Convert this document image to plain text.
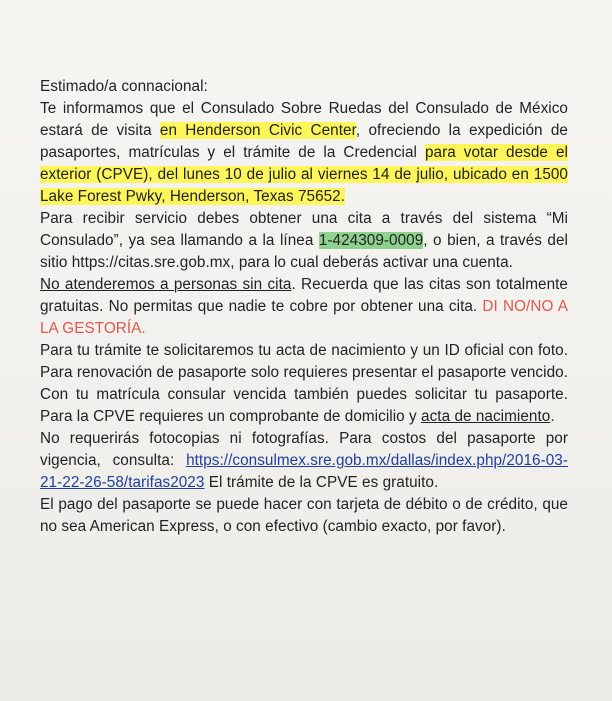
Estimado/a connacional:

Te informamos que el Consulado Sobre Ruedas del Consulado de México estará de visita en Henderson Civic Center, ofreciendo la expedición de pasaportes, matrículas y el trámite de la Credencial para votar desde el exterior (CPVE), del lunes 10 de julio al viernes 14 de julio, ubicado en 1500 Lake Forest Pwky, Henderson, Texas 75652.

Para recibir servicio debes obtener una cita a través del sistema “Mi Consulado”, ya sea llamando a la línea 1-424309-0009, o bien, a través del sitio https://citas.sre.gob.mx, para lo cual deberás activar una cuenta.

No atenderemos a personas sin cita. Recuerda que las citas son totalmente gratuitas. No permitas que nadie te cobre por obtener una cita. DI NO/NO A LA GESTORÍA.

Para tu trámite te solicitaremos tu acta de nacimiento y un ID oficial con foto. Para renovación de pasaporte solo requieres presentar el pasaporte vencido. Con tu matrícula consular vencida también puedes solicitar tu pasaporte. Para la CPVE requieres un comprobante de domicilio y acta de nacimiento.

No requerirás fotocopias ni fotografías. Para costos del pasaporte por vigencia, consulta: https://consulmex.sre.gob.mx/dallas/index.php/2016-03-21-22-26-58/tarifas2023 El trámite de la CPVE es gratuito.

El pago del pasaporte se puede hacer con tarjeta de débito o de crédito, que no sea American Express, o con efectivo (cambio exacto, por favor).
